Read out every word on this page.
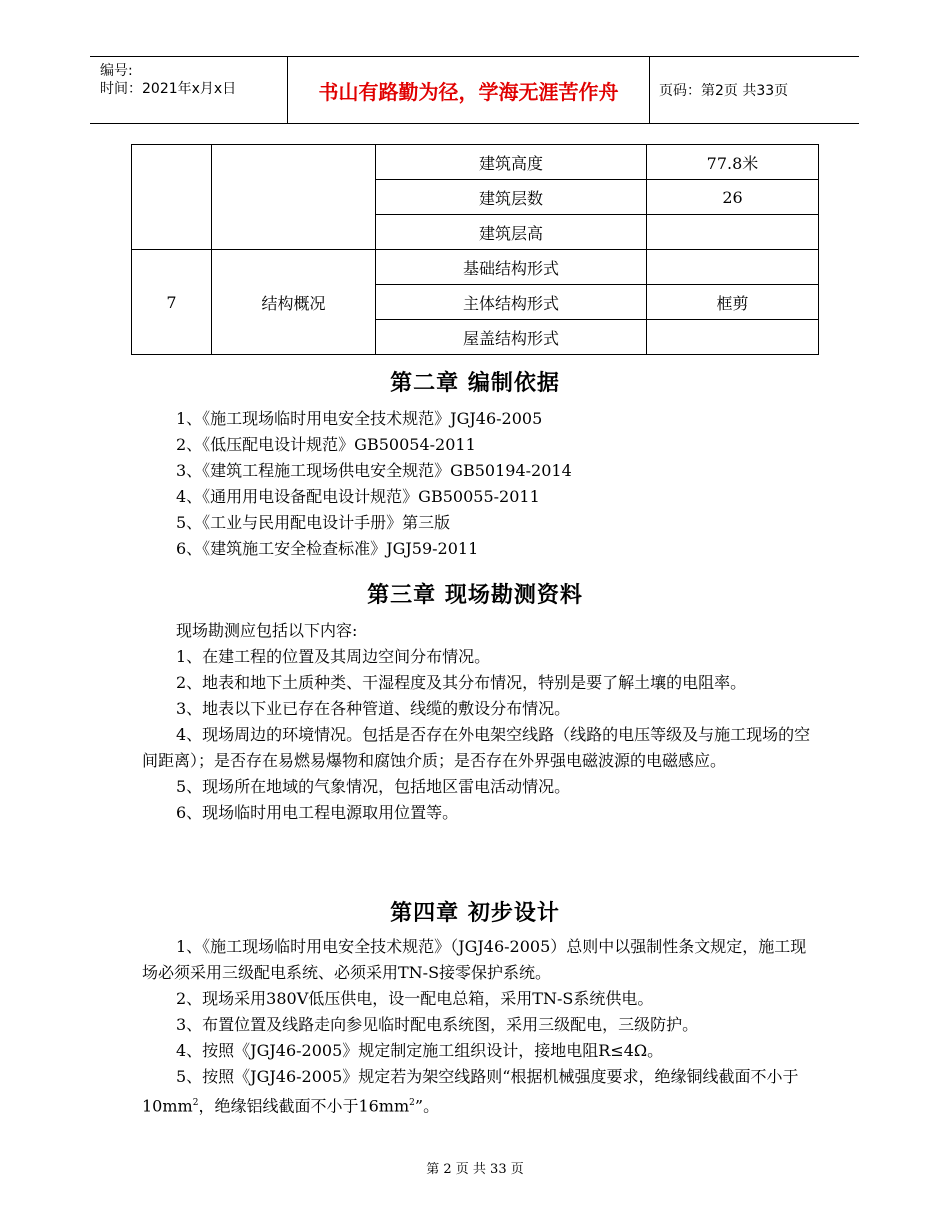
编号:
时间：2021年x月x日	书山有路勤为径，学海无涯苦作舟	页码：第2页 共33页
		建筑高度	77.8米
		建筑层数	26
		建筑层高	
7	结构概况	基础结构形式	
		主体结构形式	框剪
		屋盖结构形式	
第二章 编制依据
1、《施工现场临时用电安全技术规范》JGJ46-2005
2、《低压配电设计规范》GB50054-2011
3、《建筑工程施工现场供电安全规范》GB50194-2014
4、《通用用电设备配电设计规范》GB50055-2011
5、《工业与民用配电设计手册》第三版
6、《建筑施工安全检查标准》JGJ59-2011
第三章 现场勘测资料
现场勘测应包括以下内容:
1、在建工程的位置及其周边空间分布情况。
2、地表和地下土质种类、干湿程度及其分布情况，特别是要了解土壤的电阻率。
3、地表以下业已存在各种管道、线缆的敷设分布情况。
4、现场周边的环境情况。包括是否存在外电架空线路（线路的电压等级及与施工现场的空间距离）；是否存在易燃易爆物和腐蚀介质；是否存在外界强电磁波源的电磁感应。
5、现场所在地域的气象情况，包括地区雷电活动情况。
6、现场临时用电工程电源取用位置等。
第四章 初步设计
1、《施工现场临时用电安全技术规范》（JGJ46-2005）总则中以强制性条文规定，施工现场必须采用三级配电系统、必须采用TN-S接零保护系统。
2、现场采用380V低压供电，设一配电总箱，采用TN-S系统供电。
3、布置位置及线路走向参见临时配电系统图，采用三级配电，三级防护。
4、按照《JGJ46-2005》规定制定施工组织设计，接地电阻R≤4Ω。
5、按照《JGJ46-2005》规定若为架空线路则“根据机械强度要求，绝缘铜线截面不小于$10mm^2$，绝缘铝线截面不小于$16mm^2$”。
第 2 页 共 33 页
